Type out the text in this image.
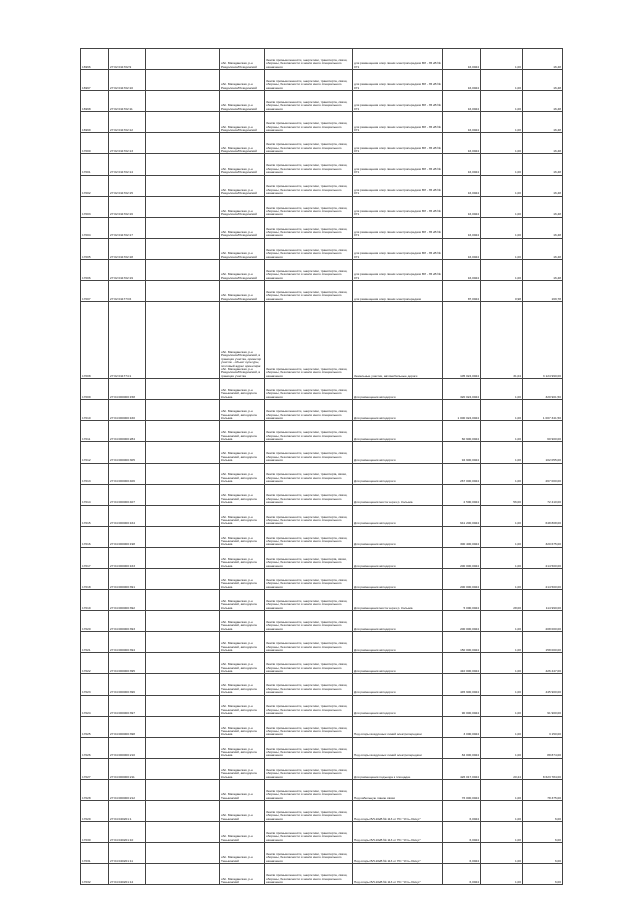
16996	27:02:011702:9		обл. Магаданская, р-н Раздолинск/Розидинский	Земли промышленности, энергетики, транспорта, связи, обороны, безопасности и земли иного специального назначения	для размещения опор линии электропередачи ВЛ - 35 кВ № 071	16,0024	1,00	16,48
16997	27:02:011702:10		обл. Магаданская, р-н Раздолинск/Розидинский	Земли промышленности, энергетики, транспорта, связи, обороны, безопасности и земли иного специального назначения	для размещения опор линии электропередачи ВЛ - 35 кВ № 071	16,0024	1,00	16,48
16998	27:02:011702:11		обл. Магаданская, р-н Раздолинск/Розидинский	Земли промышленности, энергетики, транспорта, связи, обороны, безопасности и земли иного специального назначения	для размещения опор линии электропередачи ВЛ - 35 кВ № 071	16,0024	1,00	16,48
16999	27:02:011702:12		обл. Магаданская, р-н Раздолинск/Розидинский	Земли промышленности, энергетики, транспорта, связи, обороны, безопасности и земли иного специального назначения	для размещения опор линии электропередачи ВЛ - 35 кВ № 071	16,0024	1,00	16,48
17000	27:02:011702:13		обл. Магаданская, р-н Раздолинск/Розидинский	Земли промышленности, энергетики, транспорта, связи, обороны, безопасности и земли иного специального назначения	для размещения опор линии электропередачи ВЛ - 35 кВ № 071	16,0024	1,00	16,48
17001	27:02:011702:14		обл. Магаданская, р-н Раздолинск/Розидинский	Земли промышленности, энергетики, транспорта, связи, обороны, безопасности и земли иного специального назначения	для размещения опор линии электропередачи ВЛ - 35 кВ № 071	16,0024	1,00	16,48
17002	27:02:011702:15		обл. Магаданская, р-н Раздолинск/Розидинский	Земли промышленности, энергетики, транспорта, связи, обороны, безопасности и земли иного специального назначения	для размещения опор линии электропередачи ВЛ - 35 кВ № 071	16,0024	1,00	16,48
17003	27:02:011702:16		обл. Магаданская, р-н Раздолинск/Розидинский	Земли промышленности, энергетики, транспорта, связи, обороны, безопасности и земли иного специального назначения	для размещения опор линии электропередачи ВЛ - 35 кВ № 071	16,0024	1,00	16,48
17004	27:02:011702:17		обл. Магаданская, р-н Раздолинск/Розидинский	Земли промышленности, энергетики, транспорта, связи, обороны, безопасности и земли иного специального назначения	для размещения опор линии электропередачи ВЛ - 35 кВ № 071	16,0024	1,00	16,48
17005	27:02:011702:18		обл. Магаданская, р-н Раздолинск/Розидинский	Земли промышленности, энергетики, транспорта, связи, обороны, безопасности и земли иного специального назначения	для размещения опор линии электропередачи ВЛ - 35 кВ № 071	16,0024	1,00	16,48
17006	27:02:011702:19		обл. Магаданская, р-н Раздолинск/Розидинский	Земли промышленности, энергетики, транспорта, связи, обороны, безопасности и земли иного специального назначения	для размещения опор линии электропередачи ВЛ - 35 кВ № 071	16,0024	1,00	16,48
17007	27:02:011773:6		обл. Магаданская, р-н Раздолинск/Розидинский	Земли промышленности, энергетики, транспорта, связи, обороны, безопасности и земли иного специального назначения	для размещения опор линии электропередачи	87,0024	0,98	169,78
17008	27:02:011774:1		обл. Магаданская, р-н Раздолинск/Розидинский, в границах участка, ориентир участок - объект культуры, почтовый адрес ориентира: обл. Магаданская, р-н Раздолинск/Розидинский, в границах участка	Земли промышленности, энергетики, транспорта, связи, обороны, безопасности и земли иного специального назначения	Земельные участки, автомобильные дороги	105 024,0024	31,04	3 124 990,00
17009	27:04:000000:158		обл. Магаданская, р-н Тенькинский, автодорога Колыма	Земли промышленности, энергетики, транспорта, связи, обороны, безопасности и земли иного специального назначения	Для размещения автодороги	320 024,0024	1,00	320 901,50
17010	27:04:000000:160		обл. Магаданская, р-н Тенькинский, автодорога Колыма	Земли промышленности, энергетики, транспорта, связи, обороны, безопасности и земли иного специального назначения	Для размещения автодороги	1 000 024,0024	1,00	1 007 341,50
17011	27:04:000000:284		обл. Магаданская, р-н Тенькинский, автодорога Колыма	Земли промышленности, энергетики, транспорта, связи, обороны, безопасности и земли иного специального назначения	Для размещения автодороги	60 900,0024	1,00	60 900,00
17012	27:04:000000:305		обл. Магаданская, р-н Тенькинский, автодорога Колыма	Земли промышленности, энергетики, транспорта, связи, обороны, безопасности и земли иного специального назначения	Для размещения автодороги	94 900,0024	1,00	102 055,00
17013	27:04:000000:406		обл. Магаданская, р-н Тенькинский, автодорога Колыма	Земли промышленности, энергетики, транспорta, связи, обороны, безопасности и земли иного специального назначения	Для размещения автодороги	267 000,0024	1,00	267 000,00
17014	27:04:000000:407		обл. Магаданская, р-н Тенькинский, автодорога Колыма	Земли промышленности, энергетики, транспорта, связи, обороны, безопасности и земли иного специального назначения	Для размещения моста через р. Колыма	2 500,0024	56,00	72 410,00
17015	27:04:000000:164		обл. Магаданская, р-н Тенькинский, автодорога Колыма	Земли промышленности, энергетики, транспорта, связи, обороны, безопасности и земли иного специального назначения	Для размещения автодороги	641 200,0024	1,00	648 808,00
17016	27:04:000000:198		обл. Магаданская, р-н Тенькинский, автодорога Колыма	Земли промышленности, энергетики, транспорта, связи, обороны, безопасности и земли иного специального назначения	Для размещения автодороги	300 400,0024	1,00	320 675,00
17017	27:04:000000:163		обл. Магаданская, р-н Тенькинский, автодорога Колыма	Земли промышленности, энергетики, транспорta, связи, обороны, безопасности и земли иного специального назначения	Для размещения автодороги	200 000,0024	1,00	214 500,00
17018	27:04:000000:391		обл. Магаданская, р-н Тенькинский, автодорога Колыма	Земли промышленности, энергетики, транспорта, связи, обороны, безопасности и земли иного специального назначения	Для размещения автодороги	200 000,0024	1,00	214 500,00
17019	27:04:000000:392		обл. Магаданская, р-н Тенькинский, автодорога Колыма	Земли промышленности, энергетики, транспорта, связи, обороны, безопасности и земли иного специального назначения	Для размещения моста через р. Колыма	5 000,0024	28,00	114 990,00
17020	27:04:000000:393		обл. Магаданская, р-н Тенькинский, автодорога Колыма	Земли промышленности, энергетики, транспорта, связи, обороны, безопасности и земли иного специального назначения	Для размещения автодороги	200 000,0024	1,00	208 000,00
17021	27:04:000000:394		обл. Магаданская, р-н Тенькинский, автодорога Колыма	Земли промышленности, энергетики, транспорта, связи, обороны, безопасности и земли иного специального назначения	Для размещения автодороги	150 000,0024	1,00	158 000,00
17022	27:04:000000:395		обл. Магаданская, р-н Тенькинский, автодорога Колыма	Земли промышленности, энергетики, транспорта, связи, обороны, безопасности и земли иного специального назначения	Для размещения автодороги	410 000,0024	1,00	426 447,00
17023	27:04:000000:396		обл. Магаданская, р-н Тенькинский, автодорога Колыма	Земли промышленности, энергетики, транспорта, связи, обороны, безопасности и земли иного специального назначения	Для размещения автодороги	445 900,0024	1,00	445 900,00
17024	27:04:000000:397		обл. Магаданская, р-н Тенькинский, автодорога Колыма	Земли промышленности, энергетики, транспорта, связи, обороны, безопасности и земли иного специального назначения	Для размещения автодороги	90 000,0024	1,00	91 900,00
17025	27:04:000000:398		обл. Магаданская, р-н Тенькинский, автодорога Колыма	Земли промышленности, энергетики, транспорта, связи, обороны, безопасности и земли иного специального назначения	Под опоры воздушных линий электропередачи	3 000,0024	1,00	3 150,00
17026	27:04:000000:210		обл. Магаданская, р-н Тенькинский, автодорога Колыма	Земли промышленности, энергетики, транспорта, связи, обороны, безопасности и земли иного специального назначения	Под опоры воздушных линий электропередачи	84 000,0024	1,00	88 874,00
17027	27:04:000000:211		обл. Магаданская, р-н Тенькинский, автодорога Колыма	Земли промышленности, энергетики, транспорта, связи, обороны, безопасности и земли иного специального назначения	Для размещения подъезда к площадке	426 017,0024	20,24	8 623 784,00
17028	27:04:000000:212		обл. Магаданская, р-н Тенькинский	Земли промышленности, энергетики, транспорта, связи, обороны, безопасности и земли иного специального назначения	Под кабельную линию связи	76 000,0024	1,00	78 375,00
17029	27:04:040201:1		обл. Магаданская, р-н Тенькинский	Земли промышленности, энергетики, транспорта, связи, обороны, безопасности и земли иного специального назначения	Под опоры ВЛ-10кВ № 113 от ПС "Усть-Омчуг"	6,0024	1,00	6,00
17030	27:04:040201:10		обл. Магаданская, р-н Тенькинский	Земли промышленности, энергетики, транспорта, связи, обороны, безопасности и земли иного специального назначения	Под опоры ВЛ-10кВ № 113 от ПС "Усть-Омчуг"	6,0024	1,00	6,00
17031	27:04:040201:11		обл. Магаданская, р-н Тенькинский	Земли промышленности, энергетики, транспорта, связи, обороны, безопасности и земли иного специального назначения	Под опоры ВЛ-10кВ № 113 от ПС "Усть-Омчуг"	6,0024	1,00	6,00
17032	27:04:040201:12		обл. Магаданская, р-н Тенькинский	Земли промышленности, энергетики, транспорта, связи, обороны, безопасности и земли иного специального назначения	Под опоры ВЛ-10кВ № 113 от ПС "Усть-Омчуг"	6,0024	1,00	6,00
